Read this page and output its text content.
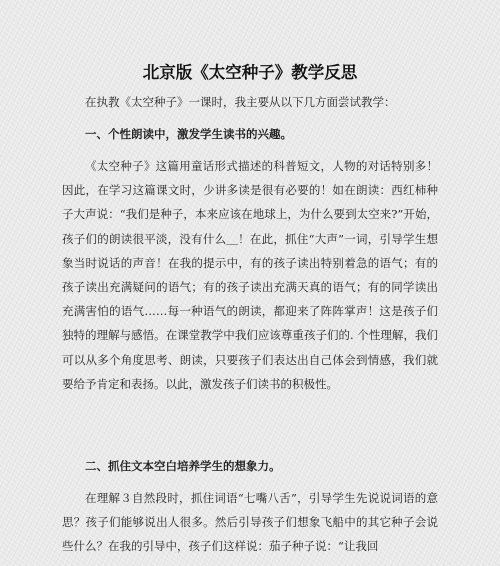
北京版《太空种子》教学反思

在执教《太空种子》一课时，我主要从以下几方面尝试教学：

一、个性朗读中，激发学生读书的兴趣。

《太空种子》这篇用童话形式描述的科普短文，人物的对话特别多！因此，在学习这篇课文时，少讲多读是很有必要的！如在朗读：西红柿种子大声说：“我们是种子，本来应该在地球上，为什么要到太空来?”开始，孩子们的朗读很平淡，没有什么＿！在此，抓住“大声”一词，引导学生想象当时说话的声音！在我的提示中，有的孩子读出特别着急的语气；有的孩子读出充满疑问的语气；有的孩子读出充满天真的语气；有的同学读出充满害怕的语气……每一种语气的朗读，都迎来了阵阵掌声！这是孩子们独特的理解与感悟。在课堂教学中我们应该尊重孩子们的. 个性理解，我们可以从多个角度思考、朗读，只要孩子们表达出自己体会到情感，我们就要给予肯定和表扬。以此，激发孩子们读书的积极性。

二、抓住文本空白培养学生的想象力。

在理解３自然段时，抓住词语“七嘴八舌”，引导学生先说说词语的意思？孩子们能够说出人很多。然后引导孩子们想象飞船中的其它种子会说些什么？在我的引导中，孩子们这样说：茄子种子说：“让我回
